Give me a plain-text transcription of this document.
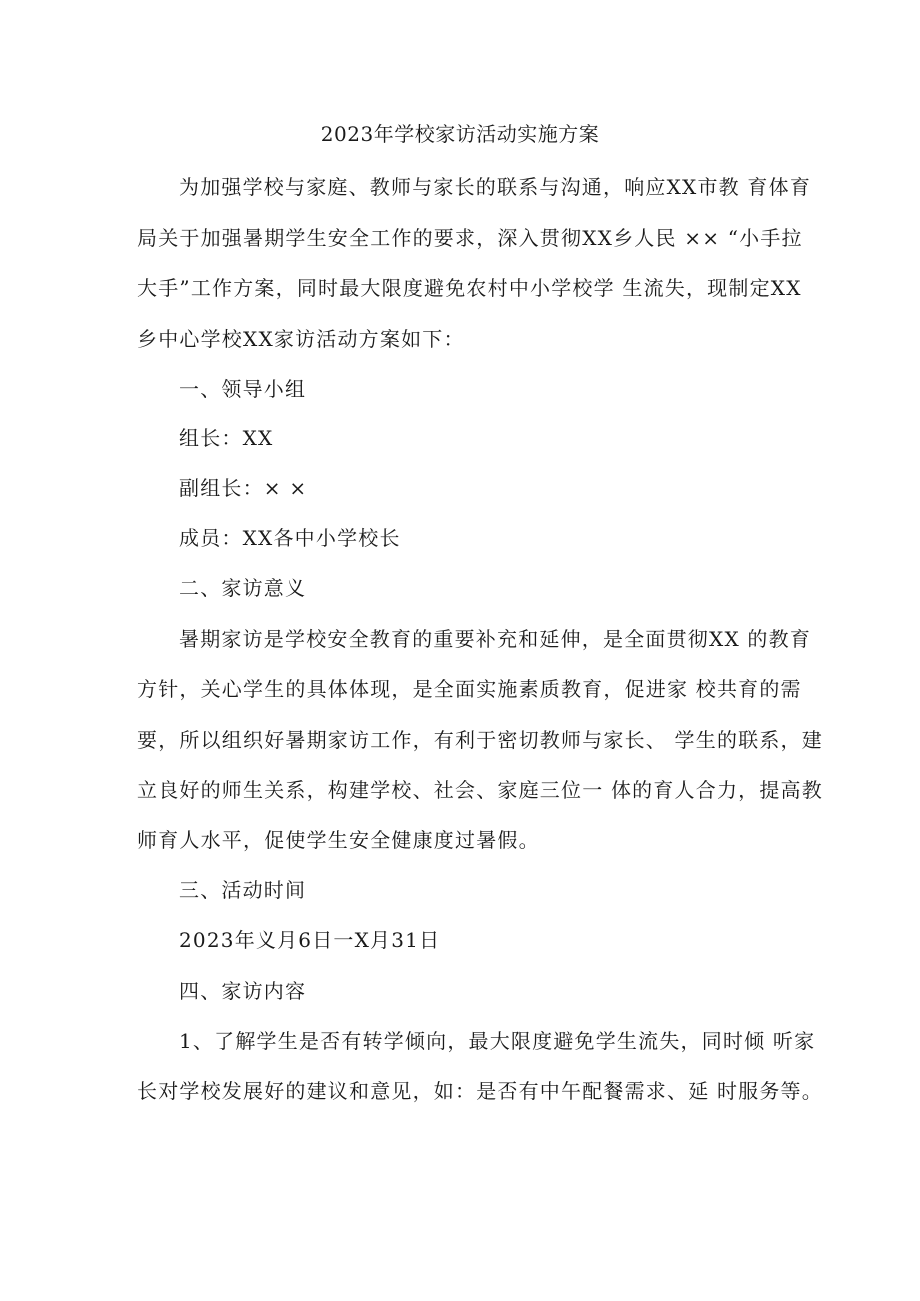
2023年学校家访活动实施方案
为加强学校与家庭、教师与家长的联系与沟通，响应XX市教 育体育
局关于加强暑期学生安全工作的要求，深入贯彻XX乡人民 ×× “小手拉
大手”工作方案，同时最大限度避免农村中小学校学 生流失，现制定XX
乡中心学校XX家访活动方案如下：
一、领导小组
组长：XX
副组长：× ×
成员：XX各中小学校长
二、家访意义
暑期家访是学校安全教育的重要补充和延伸，是全面贯彻XX 的教育
方针，关心学生的具体体现，是全面实施素质教育，促进家 校共育的需
要，所以组织好暑期家访工作，有利于密切教师与家长、 学生的联系，建
立良好的师生关系，构建学校、社会、家庭三位一 体的育人合力，提高教
师育人水平，促使学生安全健康度过暑假。
三、活动时间
2023年义月6日一X月31日
四、家访内容
1、了解学生是否有转学倾向，最大限度避免学生流失，同时倾 听家
长对学校发展好的建议和意见，如：是否有中午配餐需求、延 时服务等。
